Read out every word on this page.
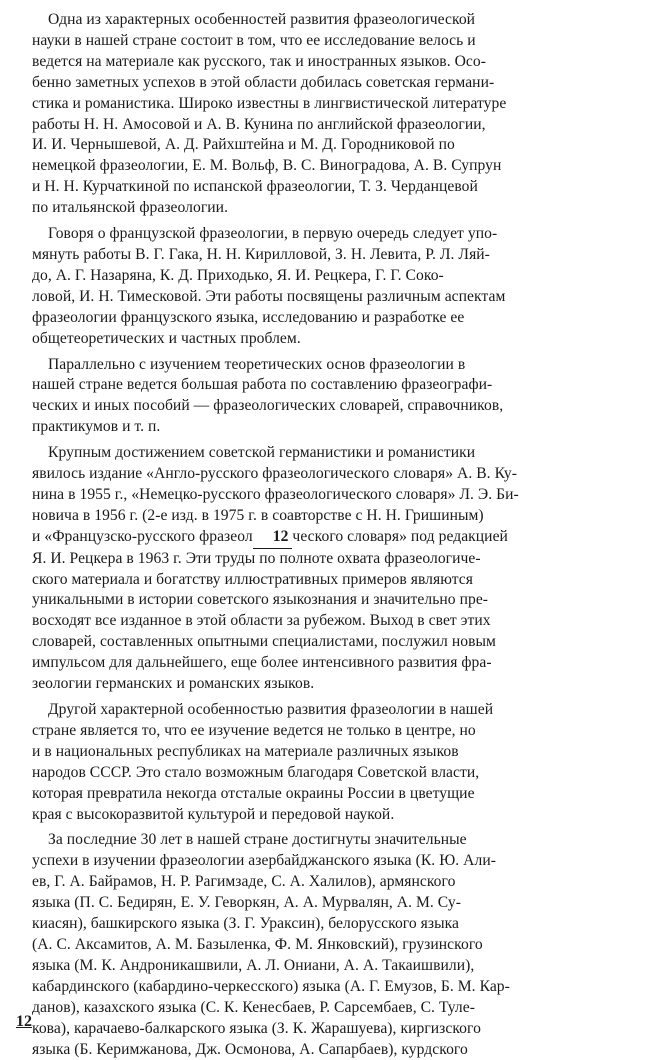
Одна из характерных особенностей развития фразеологической
науки в нашей стране состоит в том, что ее исследование велось и
ведется на материале как русского, так и иностранных языков. Осо-
бенно заметных успехов в этой области добилась советская германи-
стика и романистика. Широко известны в лингвистической литературе
работы Н. Н. Амосовой и А. В. Кунина по английской фразеологии,
И. И. Чернышевой, А. Д. Райхштейна и М. Д. Городниковой по
немецкой фразеологии, Е. М. Вольф, В. С. Виноградова, А. В. Супрун
и Н. Н. Курчаткиной по испанской фразеологии, Т. З. Черданцевой
по итальянской фразеологии.

Говоря о французской фразеологии, в первую очередь следует упо-
мянуть работы В. Г. Гака, Н. Н. Кирилловой, З. Н. Левита, Р. Л. Ляй-
до, А. Г. Назаряна, К. Д. Приходько, Я. И. Рецкера, Г. Г. Соко-
ловой, И. Н. Тимесковой. Эти работы посвящены различным аспектам
фразеологии французского языка, исследованию и разработке ее
общетеоретических и частных проблем.

Параллельно с изучением теоретических основ фразеологии в
нашей стране ведется большая работа по составлению фразеографи-
ческих и иных пособий — фразеологических словарей, справочников,
практикумов и т. п.

Крупным достижением советской германистики и романистики
явилось издание «Англо-русского фразеологического словаря» А. В. Ку-
нина в 1955 г., «Немецко-русского фразеологического словаря» Л. Э. Би-
новича в 1956 г. (2-е изд. в 1975 г. в соавторстве с Н. Н. Гришиным)
и «Французско-русского фразеол 12 ческого словаря» под редакцией
Я. И. Рецкера в 1963 г. Эти труды по полноте охвата фразеологиче-
ского материала и богатству иллюстративных примеров являются
уникальными в истории советского языкознания и значительно пре-
восходят все изданное в этой области за рубежом. Выход в свет этих
словарей, составленных опытными специалистами, послужил новым
импульсом для дальнейшего, еще более интенсивного развития фра-
зеологии германских и романских языков.

Другой характерной особенностью развития фразеологии в нашей
стране является то, что ее изучение ведется не только в центре, но
и в национальных республиках на материале различных языков
народов СССР. Это стало возможным благодаря Советской власти,
которая превратила некогда отсталые окраины России в цветущие
края с высокоразвитой культурой и передовой наукой.

За последние 30 лет в нашей стране достигнуты значительные
успехи в изучении фразеологии азербайджанского языка (К. Ю. Али-
ев, Г. А. Байрамов, Н. Р. Рагимзаде, С. А. Халилов), армянского
языка (П. С. Бедирян, Е. У. Геворкян, А. А. Мурвалян, А. М. Су-
киасян), башкирского языка (З. Г. Ураксин), белорусского языка
(А. С. Аксамитов, А. М. Базыленка, Ф. М. Янковский), грузинского
языка (М. К. Андроникашвили, А. Л. Ониани, А. А. Такаишвили),
кабардинского (кабардино-черкесского) языка (А. Г. Емузов, Б. М. Кар-
данов), казахского языка (С. К. Кенесбаев, Р. Сарсембаев, С. Туле-
кова), карачаево-балкарского языка (З. К. Жарашуева), киргизского
языка (Б. Керимжанова, Дж. Осмонова, А. Сапарбаев), курдского

12
